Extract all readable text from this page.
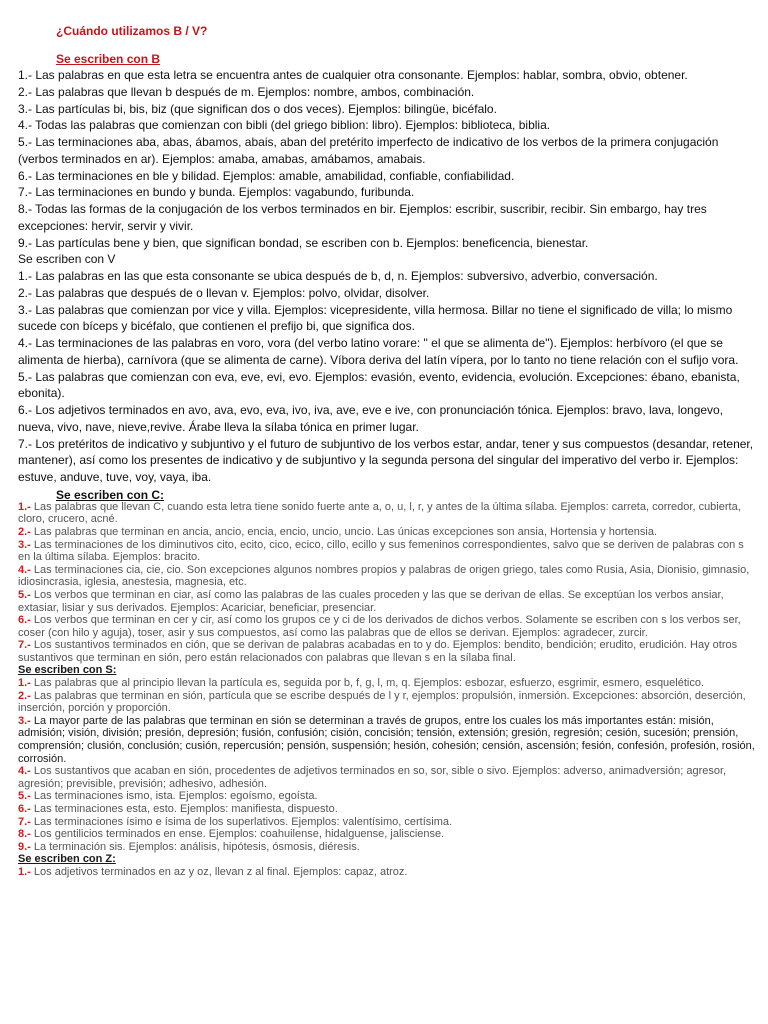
¿Cuándo utilizamos B / V?
Se escriben con B

1.- Las palabras en que esta letra se encuentra antes de cualquier otra consonante. Ejemplos: hablar, sombra, obvio, obtener.

2.- Las palabras que llevan b después de m. Ejemplos: nombre, ambos, combinación.

3.- Las partículas bi, bis, biz (que significan dos o dos veces). Ejemplos: bilingüe, bicéfalo.

4.- Todas las palabras que comienzan con bibli (del griego biblion: libro). Ejemplos: biblioteca, biblia.

5.- Las terminaciones aba, abas, ábamos, abais, aban del pretérito imperfecto de indicativo de los verbos de la primera conjugación (verbos terminados en ar). Ejemplos: amaba, amabas, amábamos, amabais.

6.- Las terminaciones en ble y bilidad. Ejemplos: amable, amabilidad, confiable, confiabilidad.

7.- Las terminaciones en bundo y bunda. Ejemplos: vagabundo, furibunda.

8.- Todas las formas de la conjugación de los verbos terminados en bir. Ejemplos: escribir, suscribir, recibir. Sin embargo, hay tres excepciones: hervir, servir y vivir.

9.- Las partículas bene y bien, que significan bondad, se escriben con b. Ejemplos: beneficencia, bienestar.

Se escriben con V

1.- Las palabras en las que esta consonante se ubica después de b, d, n. Ejemplos: subversivo, adverbio, conversación.

2.- Las palabras que después de o llevan v. Ejemplos: polvo, olvidar, disolver.

3.- Las palabras que comienzan por vice y villa. Ejemplos: vicepresidente, villa hermosa. Billar no tiene el significado de villa; lo mismo sucede con bíceps y bicéfalo, que contienen el prefijo bi, que significa dos.

4.- Las terminaciones de las palabras en voro, vora (del verbo latino vorare: " el que se alimenta de"). Ejemplos: herbívoro (el que se alimenta de hierba), carnívora (que se alimenta de carne). Víbora deriva del latín vípera, por lo tanto no tiene relación con el sufijo vora.

5.- Las palabras que comienzan con eva, eve, evi, evo. Ejemplos: evasión, evento, evidencia, evolución. Excepciones: ébano, ebanista, ebonita).

6.- Los adjetivos terminados en avo, ava, evo, eva, ivo, iva, ave, eve e ive, con pronunciación tónica. Ejemplos: bravo, lava, longevo, nueva, vivo, nave, nieve,revive. Árabe lleva la sílaba tónica en primer lugar.

7.- Los pretéritos de indicativo y subjuntivo y el futuro de subjuntivo de los verbos estar, andar, tener y sus compuestos (desandar, retener, mantener), así como los presentes de indicativo y de subjuntivo y la segunda persona del singular del imperativo del verbo ir. Ejemplos: estuve, anduve, tuve, voy, vaya, iba.

Se escriben con C:

1.- Las palabras que llevan C, cuando esta letra tiene sonido fuerte ante a, o, u, l, r, y antes de la última sílaba. Ejemplos: carreta, corredor, cubierta, cloro, crucero, acné.

2.- Las palabras que terminan en ancia, ancio, encia, encio, uncio, uncio. Las únicas excepciones son ansia, Hortensia y hortensia.

3.- Las terminaciones de los diminutivos cito, ecito, cico, ecico, cillo, ecillo y sus femeninos correspondientes, salvo que se deriven de palabras con s en la última sílaba. Ejemplos: bracito.

4.- Las terminaciones cia, cie, cio. Son excepciones algunos nombres propios y palabras de origen griego, tales como Rusia, Asia, Dionisio, gimnasio, idiosincrasia, iglesia, anestesia, magnesia, etc.

5.- Los verbos que terminan en ciar, así como las palabras de las cuales proceden y las que se derivan de ellas. Se exceptúan los verbos ansiar, extasiar, lisiar y sus derivados. Ejemplos: Acariciar, beneficiar, presenciar.

6.- Los verbos que terminan en cer y cir, así como los grupos ce y ci de los derivados de dichos verbos. Solamente se escriben con s los verbos ser, coser (con hilo y aguja), toser, asir y sus compuestos, así como las palabras que de ellos se derivan. Ejemplos: agradecer, zurcir.

7.- Los sustantivos terminados en ción, que se derivan de palabras acabadas en to y do. Ejemplos: bendito, bendición; erudito, erudición. Hay otros sustantivos que terminan en sión, pero están relacionados con palabras que llevan s en la sílaba final.

Se escriben con S:

1.- Las palabras que al principio llevan la partícula es, seguida por b, f, g, l, m, q. Ejemplos: esbozar, esfuerzo, esgrimir, esmero, esquelético.

2.- Las palabras que terminan en sión, partícula que se escribe después de l y r, ejemplos: propulsión, inmersión. Excepciones: absorción, deserción, inserción, porción y proporción.

3.- La mayor parte de las palabras que terminan en sión se determinan a través de grupos, entre los cuales los más importantes están: misión, admisión; visión, división; presión, depresión; fusión, confusión; cisión, concisión; tensión, extensión; gresión, regresión; cesión, sucesión; prensión, comprensión; clusión, conclusión; cusión, repercusión; pensión, suspensión; hesión, cohesión; censión, ascensión; fesión, confesión, profesión, rosión, corrosión.

4.- Los sustantivos que acaban en sión, procedentes de adjetivos terminados en so, sor, sible o sivo. Ejemplos: adverso, animadversión; agresor, agresión; previsible, previsión; adhesivo, adhesión.

5.- Las terminaciones ismo, ista. Ejemplos: egoísmo, egoísta.

6.- Las terminaciones esta, esto. Ejemplos: manifiesta, dispuesto.

7.- Las terminaciones ísimo e ísima de los superlativos. Ejemplos: valentísimo, certísima.

8.- Los gentilicios terminados en ense. Ejemplos: coahuilense, hidalguense, jalisciense.

9.- La terminación sis. Ejemplos: análisis, hipótesis, ósmosis, diéresis.

Se escriben con Z:

1.- Los adjetivos terminados en az y oz, llevan z al final. Ejemplos: capaz, atroz.
